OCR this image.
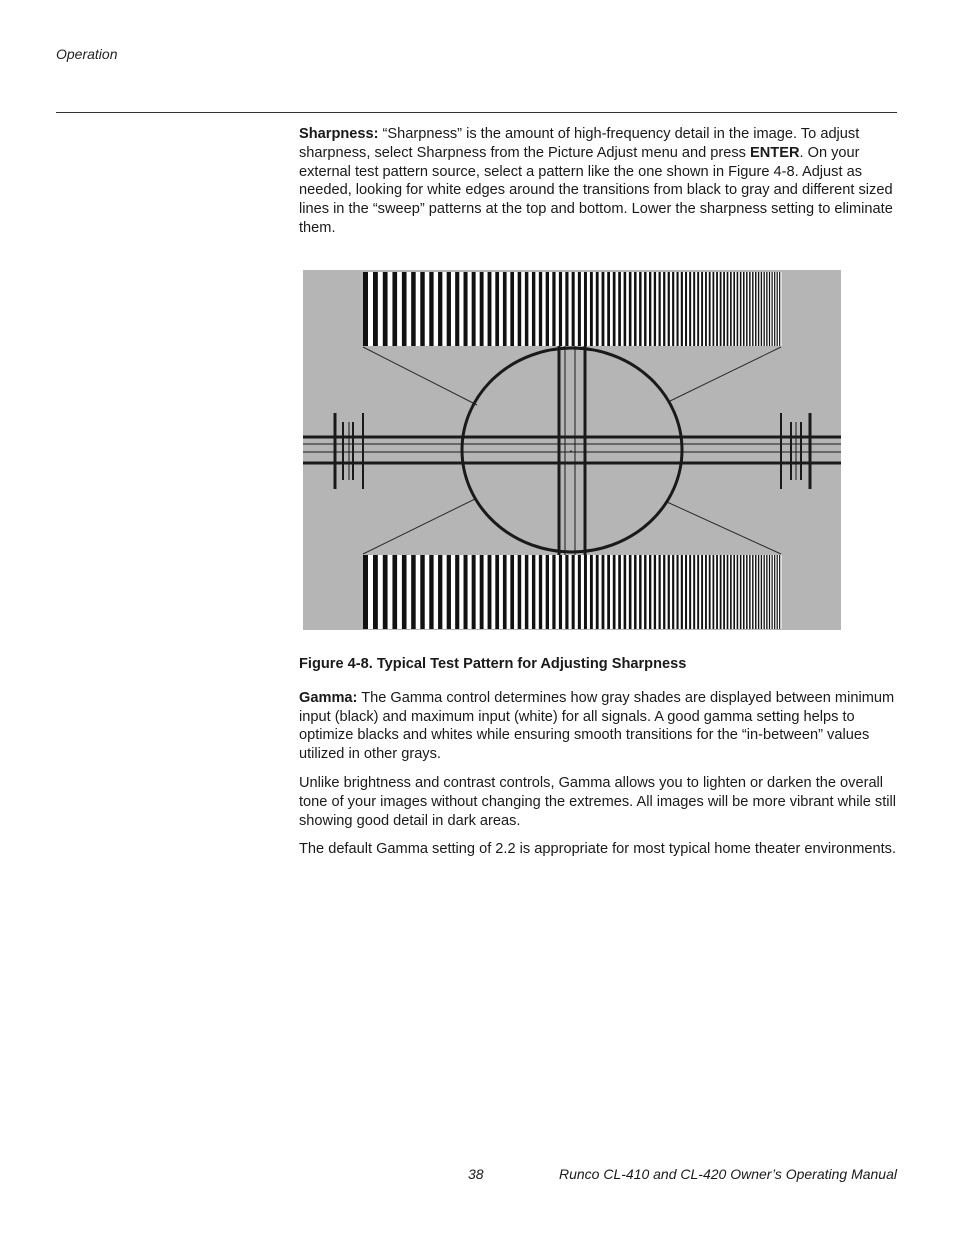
Operation

Sharpness: “Sharpness” is the amount of high-frequency detail in the image. To adjust sharpness, select Sharpness from the Picture Adjust menu and press ENTER. On your external test pattern source, select a pattern like the one shown in Figure 4-8. Adjust as needed, looking for white edges around the transitions from black to gray and different sized lines in the “sweep” patterns at the top and bottom. Lower the sharpness setting to eliminate them.

Figure 4-8. Typical Test Pattern for Adjusting Sharpness

Gamma: The Gamma control determines how gray shades are displayed between minimum input (black) and maximum input (white) for all signals. A good gamma setting helps to optimize blacks and whites while ensuring smooth transitions for the “in-between” values utilized in other grays.

Unlike brightness and contrast controls, Gamma allows you to lighten or darken the overall tone of your images without changing the extremes. All images will be more vibrant while still showing good detail in dark areas.

The default Gamma setting of 2.2 is appropriate for most typical home theater environments.

38	Runco CL-410 and CL-420 Owner’s Operating Manual
